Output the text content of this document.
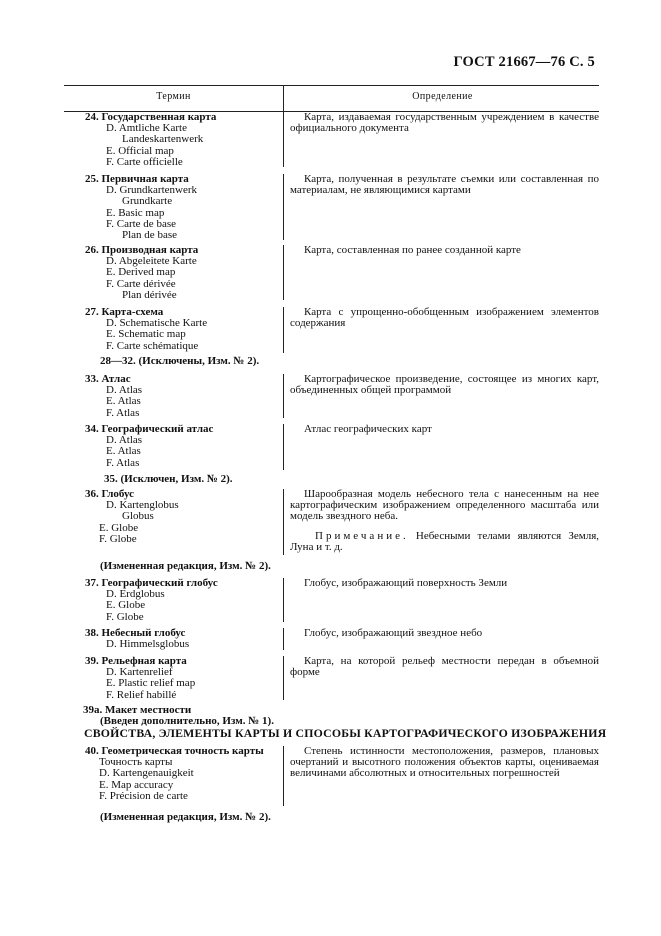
ГОСТ 21667—76 С. 5
Термин	Определение
24. Государственная карта
D. Amtliche Karte
Landeskartenwerk
E. Official map
F. Carte officielle
Карта, издаваемая государственным учреждением в качестве официального документа
25. Первичная карта
D. Grundkartenwerk
Grundkarte
E. Basic map
F. Carte de base
Plan de base
Карта, полученная в результате съемки или составленная по материалам, не являющимися картами
26. Производная карта
D. Abgeleitete Karte
E. Derived map
F. Carte dérivée
Plan dérivée
Карта, составленная по ранее созданной карте
27. Карта-схема
D. Schematische Karte
E. Schematic map
F. Carte schématique
Карта с упрощенно-обобщенным изображением элементов содержания
28—32. (Исключены, Изм. № 2).
33. Атлас
D. Atlas
E. Atlas
F. Atlas
Картографическое произведение, состоящее из многих карт, объединенных общей программой
34. Географический атлас
D. Atlas
E. Atlas
F. Atlas
Атлас географических карт
35. (Исключен, Изм. № 2).
36. Глобус
D. Kartenglobus
Globus
E. Globe
F. Globe
Шарообразная модель небесного тела с нанесенным на нее картографическим изображением определенного масштаба или модель звездного неба.
Примечание. Небесными телами являются Земля, Луна и т. д.
(Измененная редакция, Изм. № 2).
37. Географический глобус
D. Erdglobus
E. Globe
F. Globe
Глобус, изображающий поверхность Земли
38. Небесный глобус
D. Himmelsglobus
Глобус, изображающий звездное небо
39. Рельефная карта
D. Kartenrelief
E. Plastic relief map
F. Relief habillé
Карта, на которой рельеф местности передан в объемной форме
39а. Макет местности
(Введен дополнительно, Изм. № 1).
СВОЙСТВА, ЭЛЕМЕНТЫ КАРТЫ И СПОСОБЫ КАРТОГРАФИЧЕСКОГО ИЗОБРАЖЕНИЯ
40. Геометрическая точность карты
Точность карты
D. Kartengenauigkeit
E. Map accuracy
F. Précision de carte
Степень истинности местоположения, размеров, плановых очертаний и высотного положения объектов карты, оцениваемая величинами абсолютных и относительных погрешностей
(Измененная редакция, Изм. № 2).
